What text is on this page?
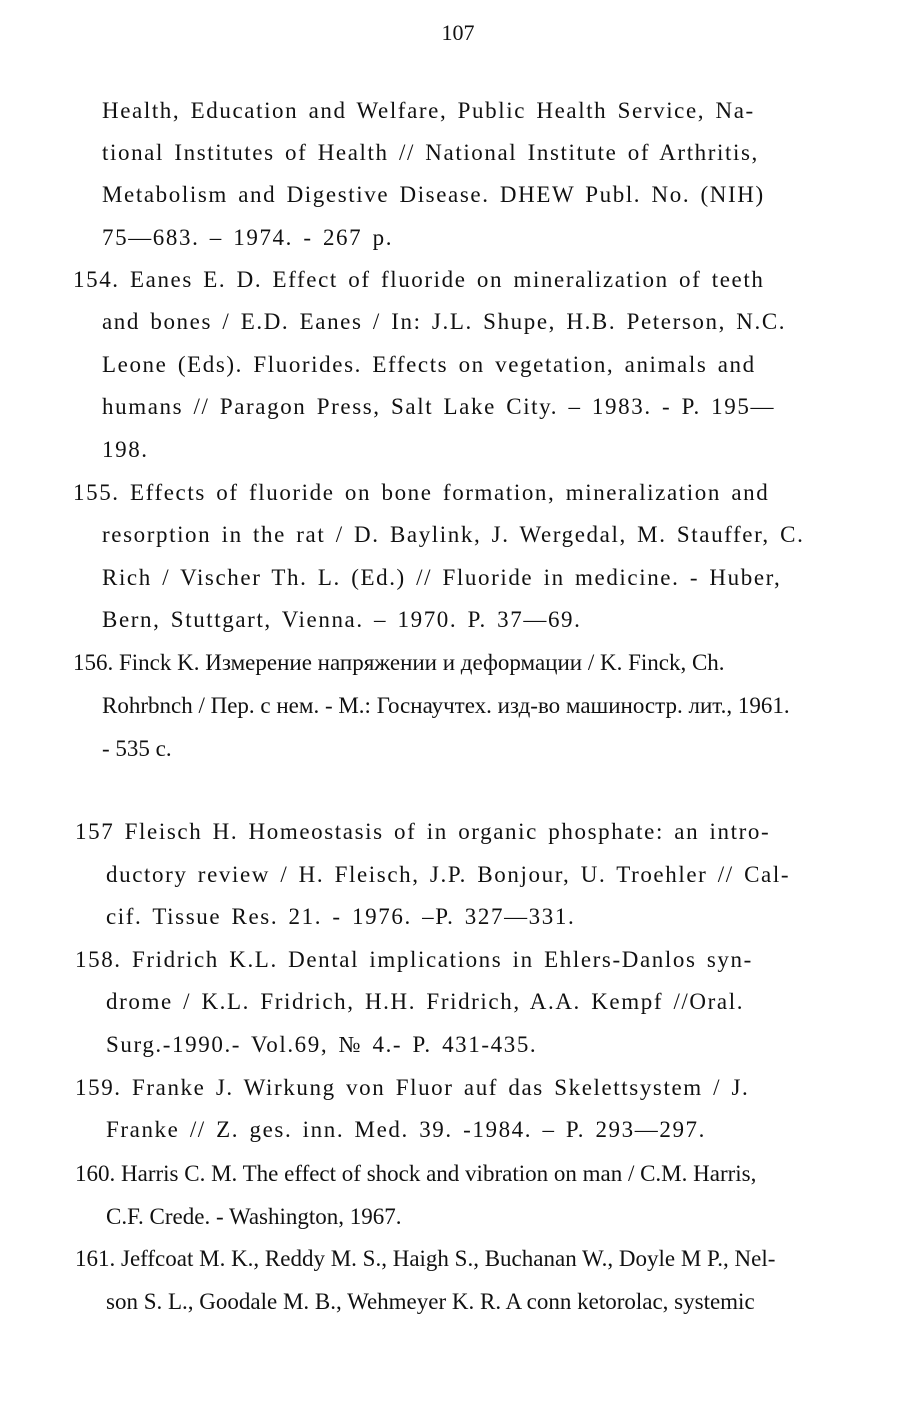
107
Health, Education and Welfare, Public Health Service, Na-
tional Institutes of Health // National Institute of Arthritis,
Metabolism and Digestive Disease. DHEW Publ. No. (NIH)
75—683. – 1974. - 267 p.
154. Eanes E. D. Effect of fluoride on mineralization of teeth
and bones / E.D. Eanes / In: J.L. Shupe, H.B. Peterson, N.C.
Leone (Eds). Fluorides. Effects on vegetation, animals and
humans // Paragon Press, Salt Lake City. – 1983. - P. 195—
198.
155. Effects of fluoride on bone formation, mineralization and
resorption in the rat / D. Baylink, J. Wergedal, M. Stauffer, C.
Rich / Vischer Th. L. (Ed.) // Fluoride in medicine. - Huber,
Bern, Stuttgart, Vienna. – 1970. P. 37—69.
156. Finck K. Измерение напряжении и деформации / K. Finck, Ch.
Rohrbnch / Пер. с нем. - М.: Госнаучтех. изд-во машиностр. лит., 1961.
- 535 с.
157 Fleisch H. Homeostasis of in organic phosphate: an intro-
ductory review / H. Fleisch, J.P. Bonjour, U. Troehler // Cal-
cif. Tissue Res. 21. - 1976. –P. 327—331.
158. Fridrich K.L. Dental implications in Ehlers-Danlos syn-
drome / K.L. Fridrich, H.H. Fridrich, A.A. Kempf //Oral.
Surg.-1990.- Vol.69, № 4.- P. 431-435.
159. Franke J. Wirkung von Fluor auf das Skelettsystem / J.
Franke // Z. ges. inn. Med. 39. -1984. – P. 293—297.
160. Harris C. M. The effect of shock and vibration on man / C.M. Harris,
C.F. Crede. - Washington, 1967.
161. Jeffcoat M. K., Reddy M. S., Haigh S., Buchanan W., Doyle M P., Nel-
son S. L., Goodale M. B., Wehmeyer K. R. A conn ketorolac, systemic
